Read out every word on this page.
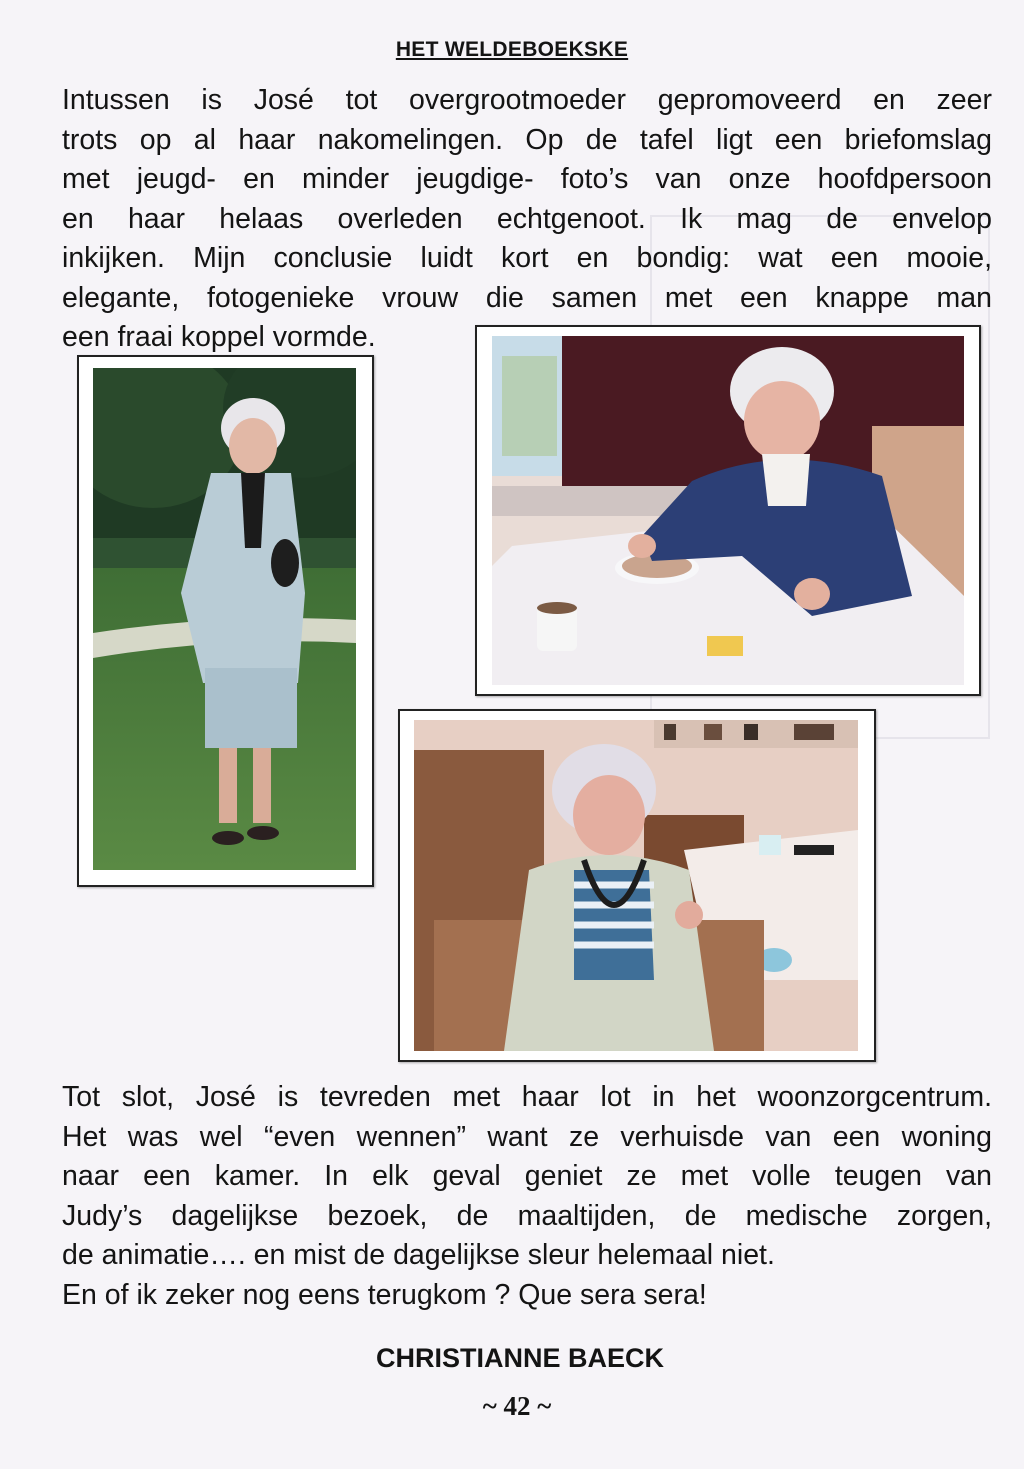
HET WELDEBOEKSKE
Intussen is José tot overgrootmoeder gepromoveerd en zeer
trots op al haar nakomelingen. Op de tafel ligt een briefomslag
met jeugd- en minder jeugdige- foto’s van onze hoofdpersoon
en haar helaas overleden echtgenoot. Ik mag de envelop
inkijken. Mijn conclusie luidt kort en bondig: wat een mooie,
elegante, fotogenieke vrouw die samen met een knappe man
een fraai koppel vormde.
Tot slot, José is tevreden met haar lot in het woonzorgcentrum.
Het was wel “even wennen” want ze verhuisde van een woning
naar een kamer. In elk geval geniet ze met volle teugen van
Judy’s dagelijkse bezoek, de maaltijden, de medische zorgen,
de animatie…. en mist de dagelijkse sleur helemaal niet.
En of ik zeker nog eens terugkom ? Que sera sera!
CHRISTIANNE BAECK
~ 42 ~
